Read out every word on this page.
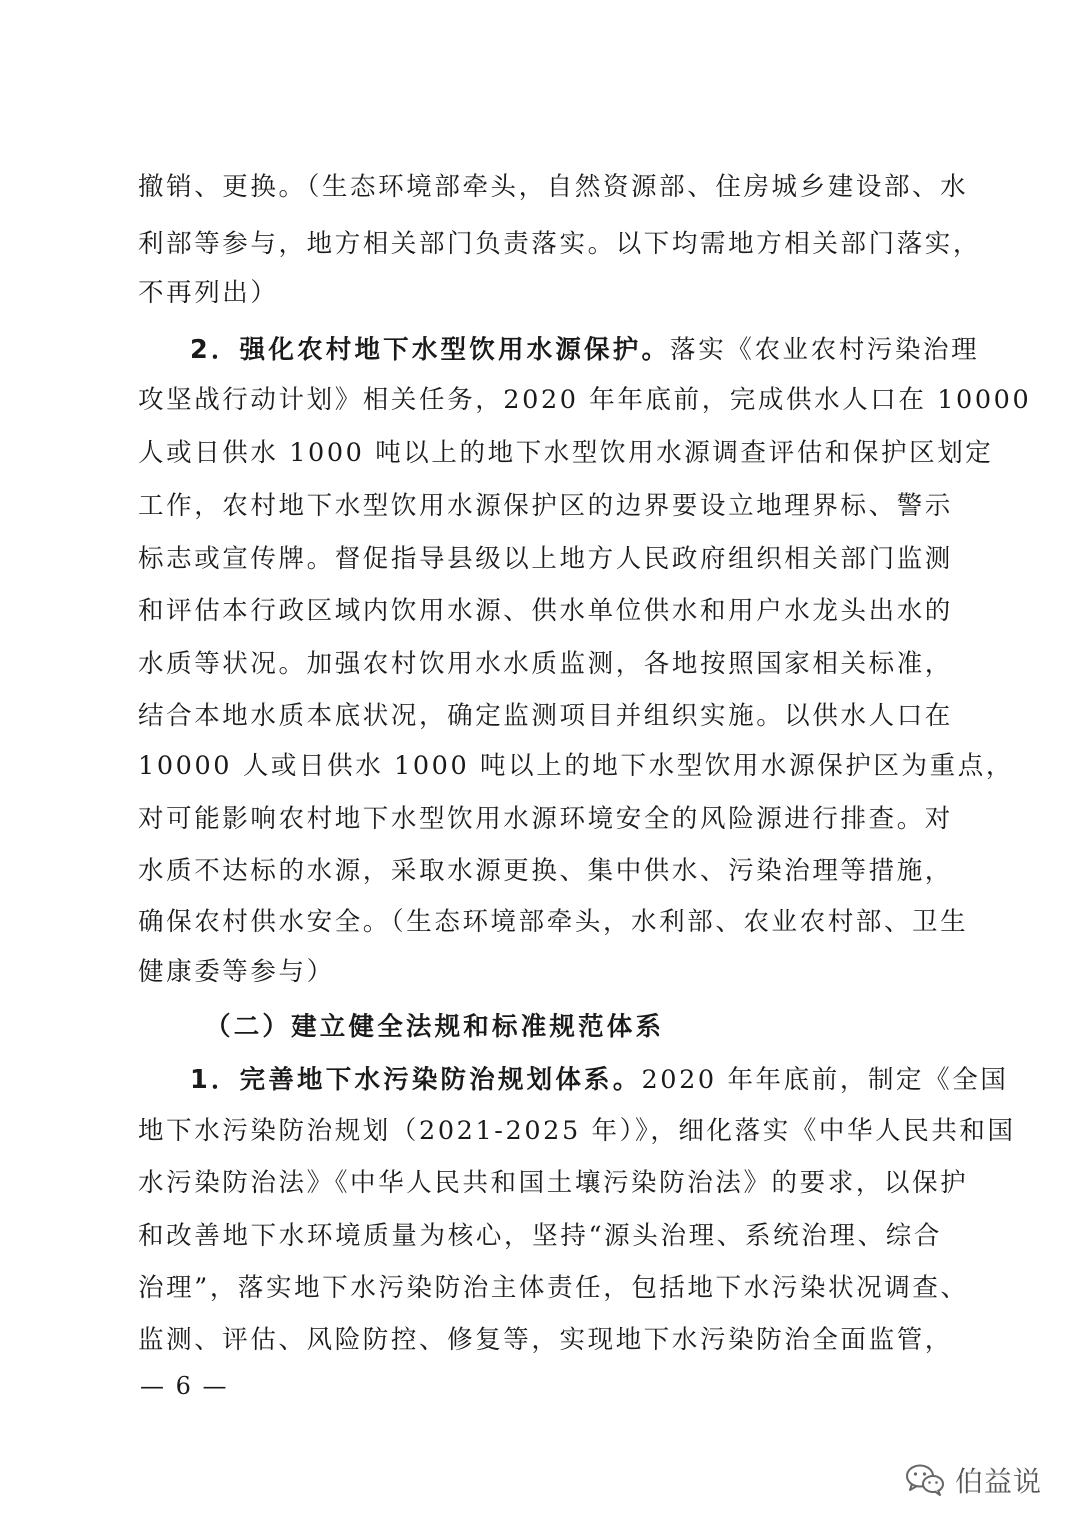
撤销、更换。（生态环境部牵头，自然资源部、住房城乡建设部、水
利部等参与，地方相关部门负责落实。以下均需地方相关部门落实，
不再列出）
2．强化农村地下水型饮用水源保护。落实《农业农村污染治理
攻坚战行动计划》相关任务，2020 年年底前，完成供水人口在 10000
人或日供水 1000 吨以上的地下水型饮用水源调查评估和保护区划定
工作，农村地下水型饮用水源保护区的边界要设立地理界标、警示
标志或宣传牌。督促指导县级以上地方人民政府组织相关部门监测
和评估本行政区域内饮用水源、供水单位供水和用户水龙头出水的
水质等状况。加强农村饮用水水质监测，各地按照国家相关标准，
结合本地水质本底状况，确定监测项目并组织实施。以供水人口在
10000 人或日供水 1000 吨以上的地下水型饮用水源保护区为重点，
对可能影响农村地下水型饮用水源环境安全的风险源进行排查。对
水质不达标的水源，采取水源更换、集中供水、污染治理等措施，
确保农村供水安全。（生态环境部牵头，水利部、农业农村部、卫生
健康委等参与）
（二）建立健全法规和标准规范体系
1．完善地下水污染防治规划体系。2020 年年底前，制定《全国
地下水污染防治规划（2021-2025 年）》，细化落实《中华人民共和国
水污染防治法》《中华人民共和国土壤污染防治法》的要求，以保护
和改善地下水环境质量为核心，坚持“源头治理、系统治理、综合
治理”，落实地下水污染防治主体责任，包括地下水污染状况调查、
监测、评估、风险防控、修复等，实现地下水污染防治全面监管，
— 6 —
伯益说
